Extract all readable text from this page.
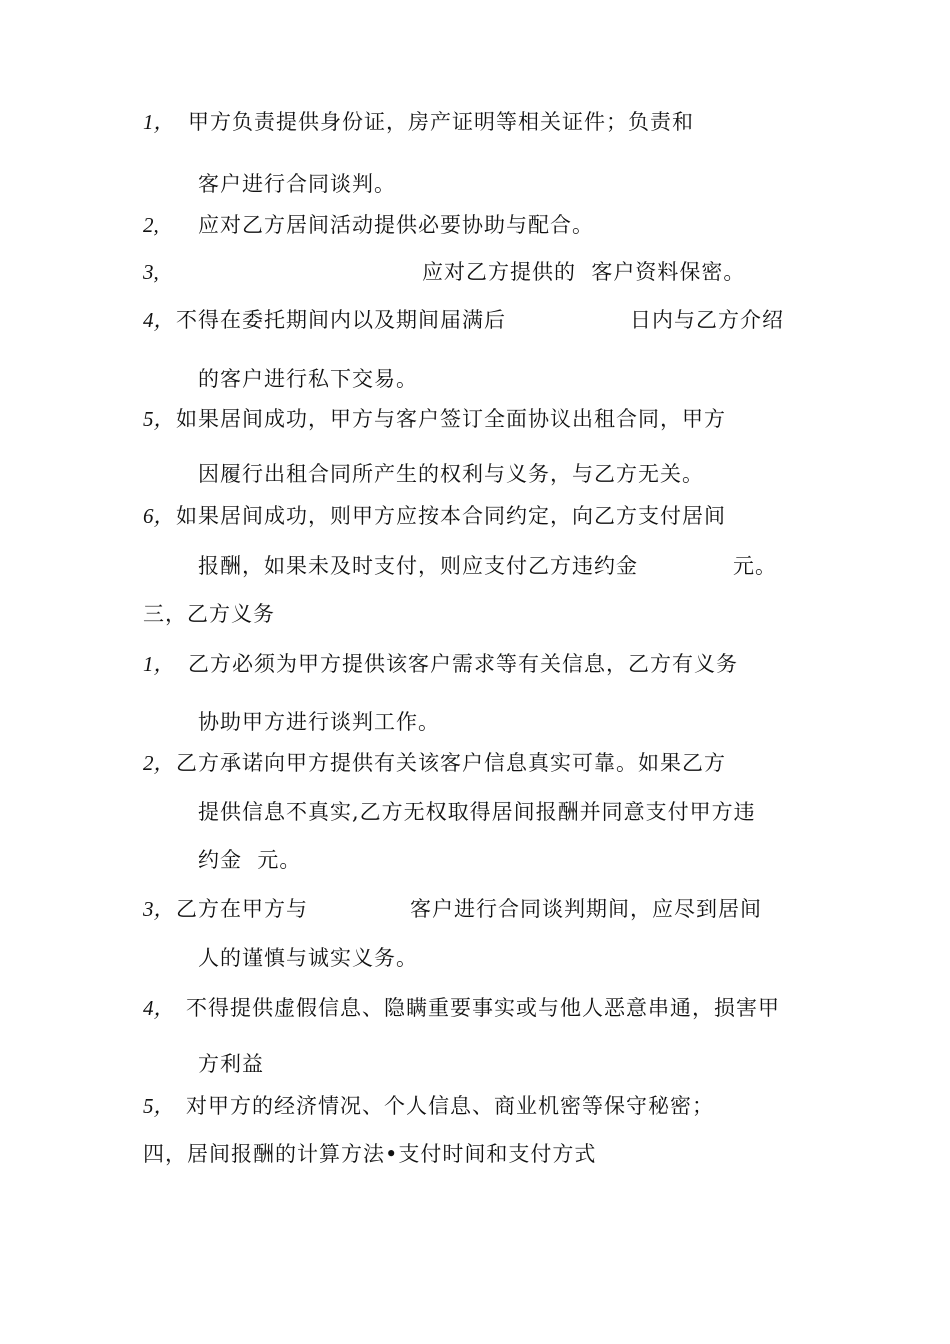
1， 甲方负责提供身份证，房产证明等相关证件；负责和
客户进行合同谈判。
2, 应对乙方居间活动提供必要协助与配合。
3,	应对乙方提供的  客户资料保密。
4， 不得在委托期间内以及期间届满后	日内与乙方介绍
的客户进行私下交易。
5， 如果居间成功，甲方与客户签订全面协议出租合同，甲方
因履行出租合同所产生的权利与义务，与乙方无关。
6， 如果居间成功，则甲方应按本合同约定，向乙方支付居间
报酬，如果未及时支付，则应支付乙方违约金	元。
三，乙方义务
1， 乙方必须为甲方提供该客户需求等有关信息，乙方有义务
协助甲方进行谈判工作。
2， 乙方承诺向甲方提供有关该客户信息真实可靠。如果乙方
提供信息不真实,乙方无权取得居间报酬并同意支付甲方违
约金  元。
3， 乙方在甲方与	客户进行合同谈判期间，应尽到居间
人的谨慎与诚实义务。
4， 不得提供虚假信息、隐瞒重要事实或与他人恶意串通，损害甲
方利益
5， 对甲方的经济情况、个人信息、商业机密等保守秘密；
四，居间报酬的计算方法•支付时间和支付方式
